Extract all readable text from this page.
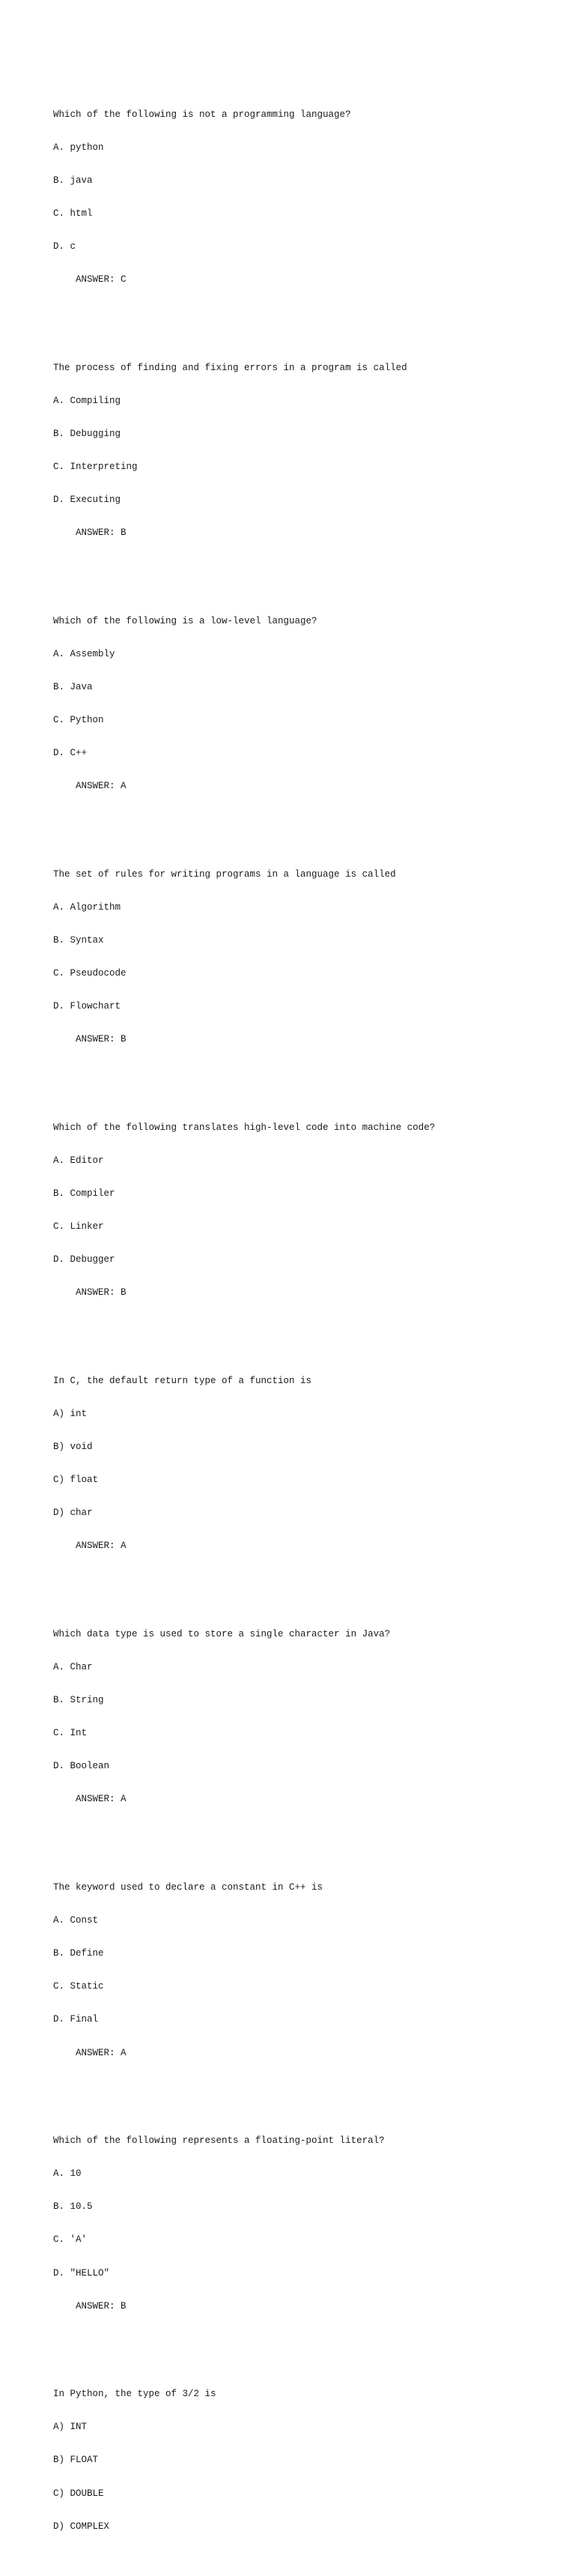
Which of the following is not a programming language?

A. python

B. java

C. html

D. c

ANSWER: C

The process of finding and fixing errors in a program is called

A. Compiling

B. Debugging

C. Interpreting

D. Executing

ANSWER: B

Which of the following is a low-level language?

A. Assembly

B. Java

C. Python

D. C++

ANSWER: A

The set of rules for writing programs in a language is called

A. Algorithm

B. Syntax

C. Pseudocode

D. Flowchart

ANSWER: B

Which of the following translates high-level code into machine code?

A. Editor

B. Compiler

C. Linker

D. Debugger

ANSWER: B

In C, the default return type of a function is

A) int

B) void

C) float

D) char

ANSWER: A

Which data type is used to store a single character in Java?

A. Char

B. String

C. Int

D. Boolean

ANSWER: A

The keyword used to declare a constant in C++ is

A. Const

B. Define

C. Static

D. Final

ANSWER: A

Which of the following represents a floating-point literal?

A. 10

B. 10.5

C. 'A'

D. "HELLO"

ANSWER: B

In Python, the type of 3/2 is

A) INT

B) FLOAT

C) DOUBLE

D) COMPLEX
